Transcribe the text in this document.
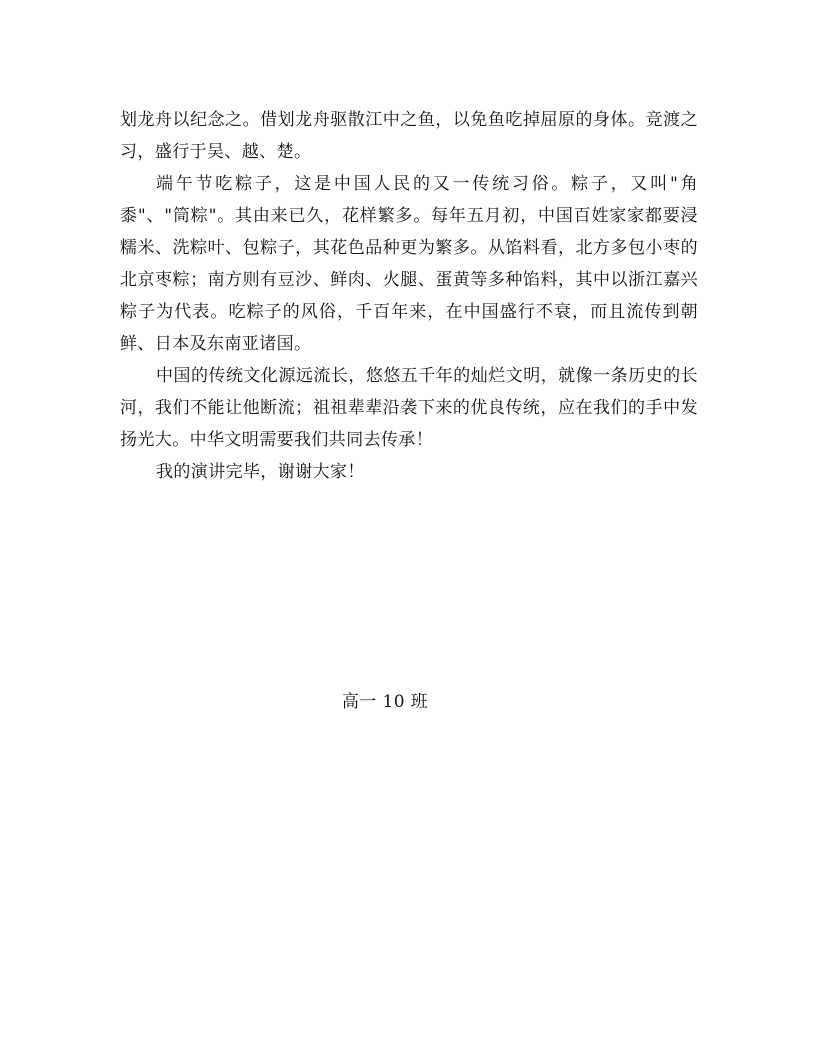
划龙舟以纪念之。借划龙舟驱散江中之鱼，以免鱼吃掉屈原的身体。竞渡之习，盛行于吴、越、楚。

端午节吃粽子，这是中国人民的又一传统习俗。粽子，又叫"角黍"、"筒粽"。其由来已久，花样繁多。每年五月初，中国百姓家家都要浸糯米、洗粽叶、包粽子，其花色品种更为繁多。从馅料看，北方多包小枣的北京枣粽；南方则有豆沙、鲜肉、火腿、蛋黄等多种馅料，其中以浙江嘉兴粽子为代表。吃粽子的风俗，千百年来，在中国盛行不衰，而且流传到朝鲜、日本及东南亚诸国。

中国的传统文化源远流长，悠悠五千年的灿烂文明，就像一条历史的长河，我们不能让他断流；祖祖辈辈沿袭下来的优良传统，应在我们的手中发扬光大。中华文明需要我们共同去传承！

我的演讲完毕，谢谢大家！

高一 10 班
